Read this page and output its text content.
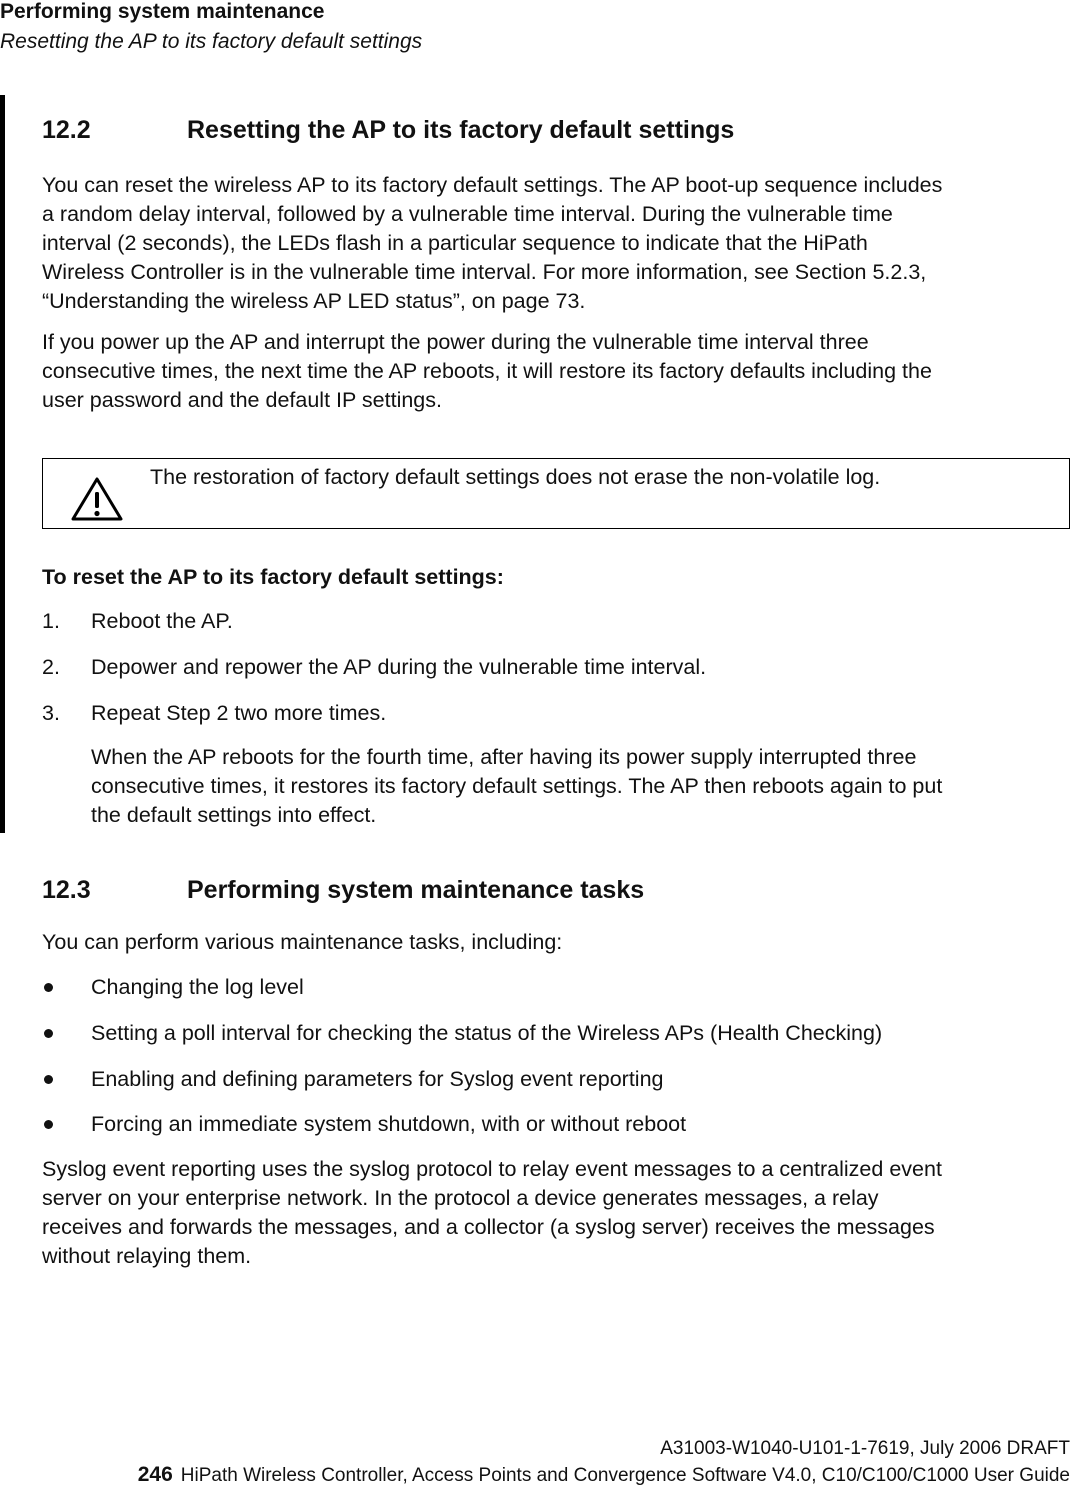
Performing system maintenance
Resetting the AP to its factory default settings
12.2	Resetting the AP to its factory default settings
You can reset the wireless AP to its factory default settings. The AP boot-up sequence includes
a random delay interval, followed by a vulnerable time interval. During the vulnerable time
interval (2 seconds), the LEDs flash in a particular sequence to indicate that the HiPath
Wireless Controller is in the vulnerable time interval. For more information, see Section 5.2.3,
“Understanding the wireless AP LED status”, on page 73.
If you power up the AP and interrupt the power during the vulnerable time interval three
consecutive times, the next time the AP reboots, it will restore its factory defaults including the
user password and the default IP settings.
The restoration of factory default settings does not erase the non-volatile log.
To reset the AP to its factory default settings:
1. Reboot the AP.
2. Depower and repower the AP during the vulnerable time interval.
3. Repeat Step 2 two more times.
When the AP reboots for the fourth time, after having its power supply interrupted three
consecutive times, it restores its factory default settings. The AP then reboots again to put
the default settings into effect.
12.3	Performing system maintenance tasks
You can perform various maintenance tasks, including:
Changing the log level
Setting a poll interval for checking the status of the Wireless APs (Health Checking)
Enabling and defining parameters for Syslog event reporting
Forcing an immediate system shutdown, with or without reboot
Syslog event reporting uses the syslog protocol to relay event messages to a centralized event
server on your enterprise network. In the protocol a device generates messages, a relay
receives and forwards the messages, and a collector (a syslog server) receives the messages
without relaying them.
A31003-W1040-U101-1-7619, July 2006 DRAFT
246 HiPath Wireless Controller, Access Points and Convergence Software V4.0, C10/C100/C1000 User Guide
